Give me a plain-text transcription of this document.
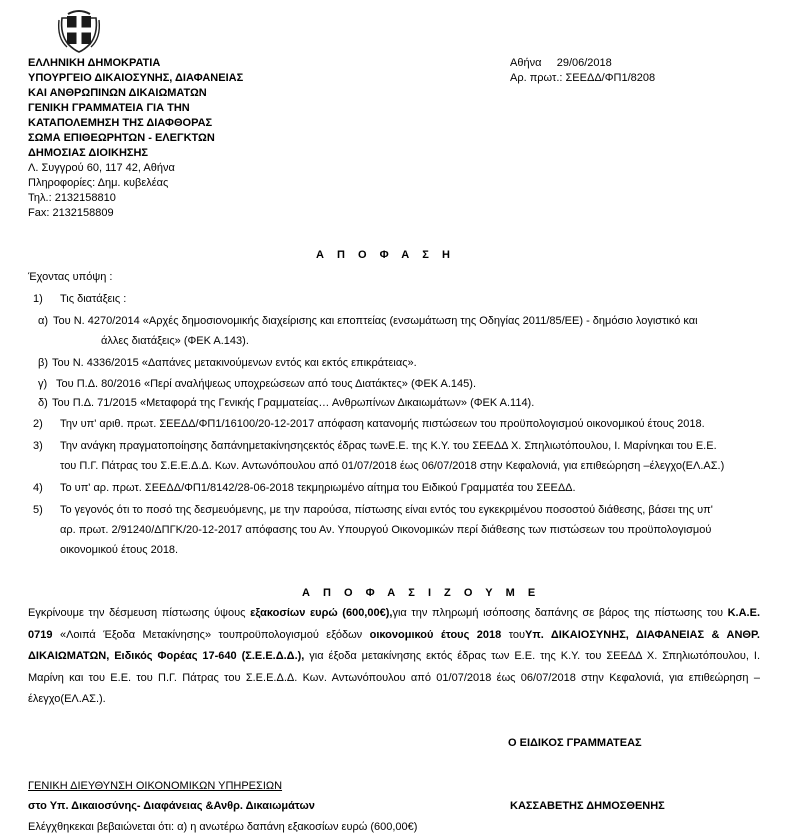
ΕΛΛΗΝΙΚΗ ΔΗΜΟΚΡΑΤΙΑ
ΥΠΟΥΡΓΕΙΟ ΔΙΚΑΙΟΣΥΝΗΣ, ΔΙΑΦΑΝΕΙΑΣ
ΚΑΙ ΑΝΘΡΩΠΙΝΩΝ ΔΙΚΑΙΩΜΑΤΩΝ
ΓΕΝΙΚΗ ΓΡΑΜΜΑΤΕΙΑ ΓΙΑ ΤΗΝ
ΚΑΤΑΠΟΛΕΜΗΣΗ ΤΗΣ ΔΙΑΦΘΟΡΑΣ
ΣΩΜΑ ΕΠΙΘΕΩΡΗΤΩΝ - ΕΛΕΓΚΤΩΝ
ΔΗΜΟΣΙΑΣ ΔΙΟΙΚΗΣΗΣ
Λ. Συγγρού 60, 117 42, Αθήνα
Πληροφορίες: Δημ. κυβελέας
Τηλ.: 2132158810
Fax: 2132158809
Αθήνα     29/06/2018
Αρ. πρωτ.: ΣΕΕΔΔ/ΦΠ1/8208
Α Π Ο Φ Α Σ Η
Έχοντας υπόψη :
1) Τις διατάξεις :
α) Του Ν. 4270/2014 «Αρχές δημοσιονομικής διαχείρισης και εποπτείας (ενσωμάτωση της Οδηγίας 2011/85/ΕΕ) - δημόσιο λογιστικό και
άλλες διατάξεις» (ΦΕΚ Α.143).
β) Του Ν. 4336/2015 «Δαπάνες μετακινούμενων εντός και εκτός επικράτειας».
γ) Του Π.Δ. 80/2016 «Περί αναλήψεως υποχρεώσεων από τους Διατάκτες» (ΦΕΚ Α.145).
δ) Του Π.Δ. 71/2015 «Μεταφορά της Γενικής Γραμματείας… Ανθρωπίνων Δικαιωμάτων» (ΦΕΚ Α.114).
2) Την υπ' αριθ. πρωτ. ΣΕΕΔΔ/ΦΠ1/16100/20-12-2017 απόφαση κατανομής πιστώσεων του προϋπολογισμού οικονομικού έτους 2018.
3) Την ανάγκη πραγματοποίησης δαπάνημετακίνησηςεκτός έδρας τωνΕ.Ε. της Κ.Υ. του ΣΕΕΔΔ Χ. Σπηλιωτόπουλου, Ι. Μαρίνηκαι του Ε.Ε.
του Π.Γ. Πάτρας του Σ.Ε.Ε.Δ.Δ. Κων. Αντωνόπουλου από 01/07/2018 έως 06/07/2018 στην Κεφαλονιά, για επιθεώρηση –έλεγχο(ΕΛ.ΑΣ.)
4) Το υπ' αρ. πρωτ. ΣΕΕΔΔ/ΦΠ1/8142/28-06-2018 τεκμηριωμένο αίτημα του Ειδικού Γραμματέα του ΣΕΕΔΔ.
5) Το γεγονός ότι το ποσό της δεσμευόμενης, με την παρούσα, πίστωσης είναι εντός του εγκεκριμένου ποσοστού διάθεσης, βάσει της υπ'
αρ. πρωτ. 2/91240/ΔΠΓΚ/20-12-2017 απόφασης του Αν. Υπουργού Οικονομικών περί διάθεσης των πιστώσεων του προϋπολογισμού
οικονομικού έτους 2018.
Α Π Ο Φ Α Σ Ι Ζ Ο Υ Μ Ε
Εγκρίνουμε την δέσμευση πίστωσης ύψους εξακοσίων ευρώ (600,00€),για την πληρωμή ισόποσης δαπάνης σε βάρος της πίστωσης του Κ.Α.Ε. 0719 «Λοιπά Έξοδα Μετακίνησης» τουπροϋπολογισμού εξόδων οικονομικού έτους 2018 τουΥπ. ΔΙΚΑΙΟΣΥΝΗΣ, ΔΙΑΦΑΝΕΙΑΣ & ΑΝΘΡ. ΔΙΚΑΙΩΜΑΤΩΝ, Ειδικός Φορέας 17-640 (Σ.Ε.Ε.Δ.Δ.), για έξοδα μετακίνησης εκτός έδρας των Ε.Ε. της Κ.Υ. του ΣΕΕΔΔ Χ. Σπηλιωτόπουλου, Ι. Μαρίνη και του Ε.Ε. του Π.Γ. Πάτρας του Σ.Ε.Ε.Δ.Δ. Κων. Αντωνόπουλου από 01/07/2018 έως 06/07/2018 στην Κεφαλονιά, για επιθεώρηση – έλεγχο(ΕΛ.ΑΣ.).
Ο ΕΙΔΙΚΟΣ ΓΡΑΜΜΑΤΕΑΣ
ΓΕΝΙΚΗ ΔΙΕΥΘΥΝΣΗ ΟΙΚΟΝΟΜΙΚΩΝ ΥΠΗΡΕΣΙΩΝ
στο Υπ. Δικαιοσύνης- Διαφάνειας &Ανθρ. Δικαιωμάτων	ΚΑΣΣΑΒΕΤΗΣ ΔΗΜΟΣΘΕΝΗΣ
Ελέγχθηκεκαι βεβαιώνεται ότι: α) η ανωτέρω δαπάνη εξακοσίων ευρώ (600,00€)
